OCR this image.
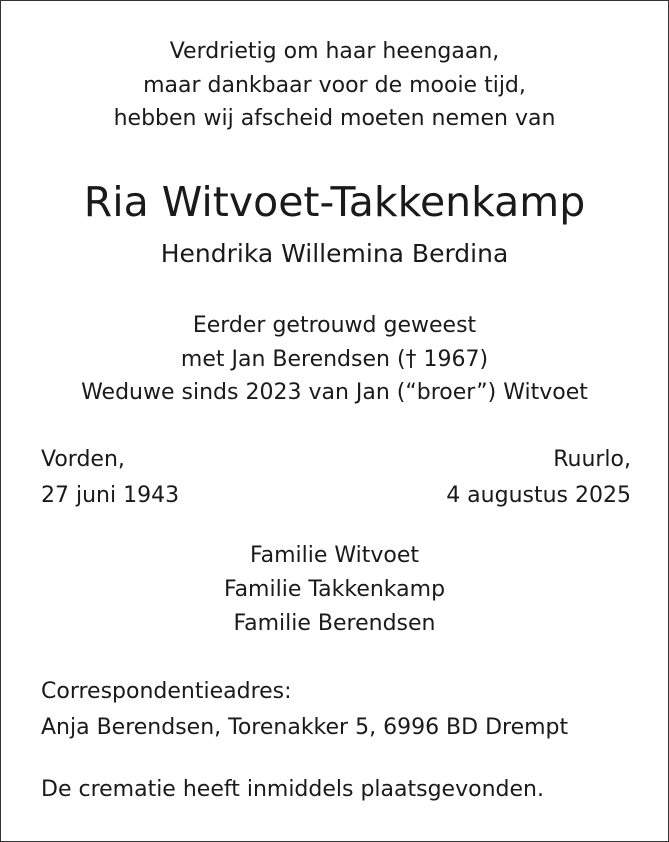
Verdrietig om haar heengaan,
maar dankbaar voor de mooie tijd,
hebben wij afscheid moeten nemen van
Ria Witvoet-Takkenkamp
Hendrika Willemina Berdina
Eerder getrouwd geweest
met Jan Berendsen († 1967)
Weduwe sinds 2023 van Jan (“broer”) Witvoet
Vorden,
27 juni 1943
Ruurlo,
4 augustus 2025
Familie Witvoet
Familie Takkenkamp
Familie Berendsen
Correspondentieadres:
Anja Berendsen, Torenakker 5, 6996 BD Drempt
De crematie heeft inmiddels plaatsgevonden.
